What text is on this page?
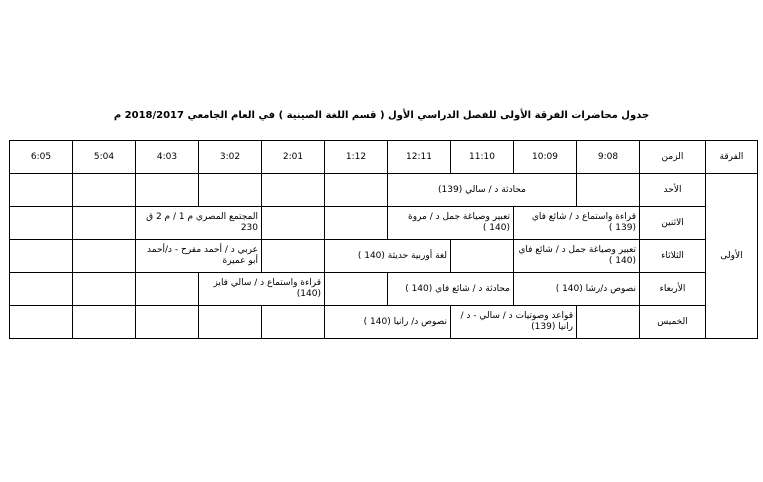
جدول محاضرات الفرقة الأولى للفصل الدراسي الأول ( قسم اللغة الصينية ) في العام الجامعي 2018/2017 م
الفرقة	الزمن	9:08	10:09	11:10	12:11	1:12	2:01	3:02	4:03	5:04	6:05
الأولى	الأحد		محادثة د / سالي (139)								
	الاثنين	قراءة واستماع د / شائع فاي (139 )		تعبير وصياغة جمل د / مروة (140 )				المجتمع المصري م 1 / م 2 ق 230			
	الثلاثاء	تعبير وصياغة جمل د / شائع فاي (140 )			لغة أوربية حديثة (140 )			عربي د / أحمد مفرح - د/أحمد أبو عميرة			
	الأربعاء	نصوص د/رشا (140 )		محادثة د / شائع فاي (140 )			قراءة واستماع د / سالي فايز (140)				
	الخميس		قواعد وصوتيات د / سالي - د / رانيا (139)		نصوص د/ رانيا (140 )						
